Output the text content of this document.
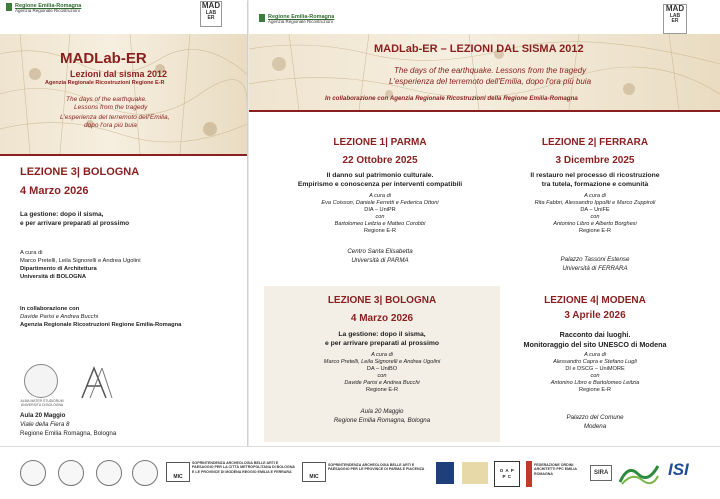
Regione Emilia-Romagna
Agenzia Regionale Ricostruzioni
MAD
LAB
ER
MADLab-ER
Lezioni dal sisma 2012
Agenzia Regionale Ricostruzioni Regione E-R
The days of the earthquake.
Lessons from the tragedy
L'esperienza del terremoto dell'Emilia,
dopo l'ora più buia
LEZIONE 3| BOLOGNA
4 Marzo 2026
La gestione: dopo il sisma,
e per arrivare preparati al prossimo
A cura di
Marco Pretelli, Leila Signorelli e Andrea Ugolini
Dipartimento di Architettura
Università di BOLOGNA
In collaborazione con
Davide Parisi e Andrea Bucchi
Agenzia Regionale Ricostruzioni Regione Emilia-Romagna
ALMA MATER STUDIORUM UNIVERSITÀ DI BOLOGNA
Aula 20 Maggio
Viale della Fiera 8
Regione Emilia Romagna, Bologna
Regione Emilia-Romagna
Agenzia Regionale Ricostruzioni
MAD
LAB
ER
MADLab-ER – LEZIONI DAL SISMA 2012
The days of the earthquake. Lessons from the tragedy
L'esperienza del terremoto dell'Emilia, dopo l'ora più buia
In collaborazione con Agenzia Regionale Ricostruzioni della Regione Emilia-Romagna
LEZIONE 1| PARMA
22 Ottobre 2025
Il danno sul patrimonio culturale.
Empirismo e conoscenza per interventi compatibili
A cura di
Eva Coisson, Daniele Ferretti e Federica Ottoni
DIA – UniPR
con
Bartolomeo Leitzia e Matteo Corobbi
Regione E-R
Centro Santa Elisabetta
Università di PARMA
LEZIONE 2| FERRARA
3 Dicembre 2025
Il restauro nel processo di ricostruzione
tra tutela, formazione e comunità
A cura di
Rita Fabbri, Alessandro Ippoliti e Marco Zuppiroli
DA – UniFE
con
Antonino Libro e Alberto Borghesi
Regione E-R
Palazzo Tassoni Estense
Università di FERRARA
LEZIONE 3| BOLOGNA
4 Marzo 2026
La gestione: dopo il sisma,
e per arrivare preparati al prossimo
A cura di
Marco Pretelli, Leila Signorelli e Andrea Ugolini
DA – UniBO
con
Davide Parisi e Andrea Bucchi
Regione E-R
Aula 20 Maggio
Regione Emilia Romagna, Bologna
LEZIONE 4| MODENA
3 Aprile 2026
Racconto dai luoghi.
Monitoraggio del sito UNESCO di Modena
A cura di
Alessandro Capra e Stefano Lugli
DI e DSCG – UniMORE
con
Antonino Libro e Bartolomeo Leitzia
Regione E-R
Palazzo del Comune
Modena
MIC
SOPRINTENDENZA ARCHEOLOGIA BELLE ARTI E PAESAGGIO PER LA CITTÀ METROPOLITANA DI BOLOGNA E LE PROVINCE DI MODENA REGGIO EMILIA E FERRARA
MIC
SOPRINTENDENZA ARCHEOLOGIA BELLE ARTI E PAESAGGIO PER LE PROVINCE DI PARMA E PIACENZA	O A P P C
FEDERAZIONE ORDINI ARCHITETTI PPC EMILIA ROMAGNA	SIRA	ISI
